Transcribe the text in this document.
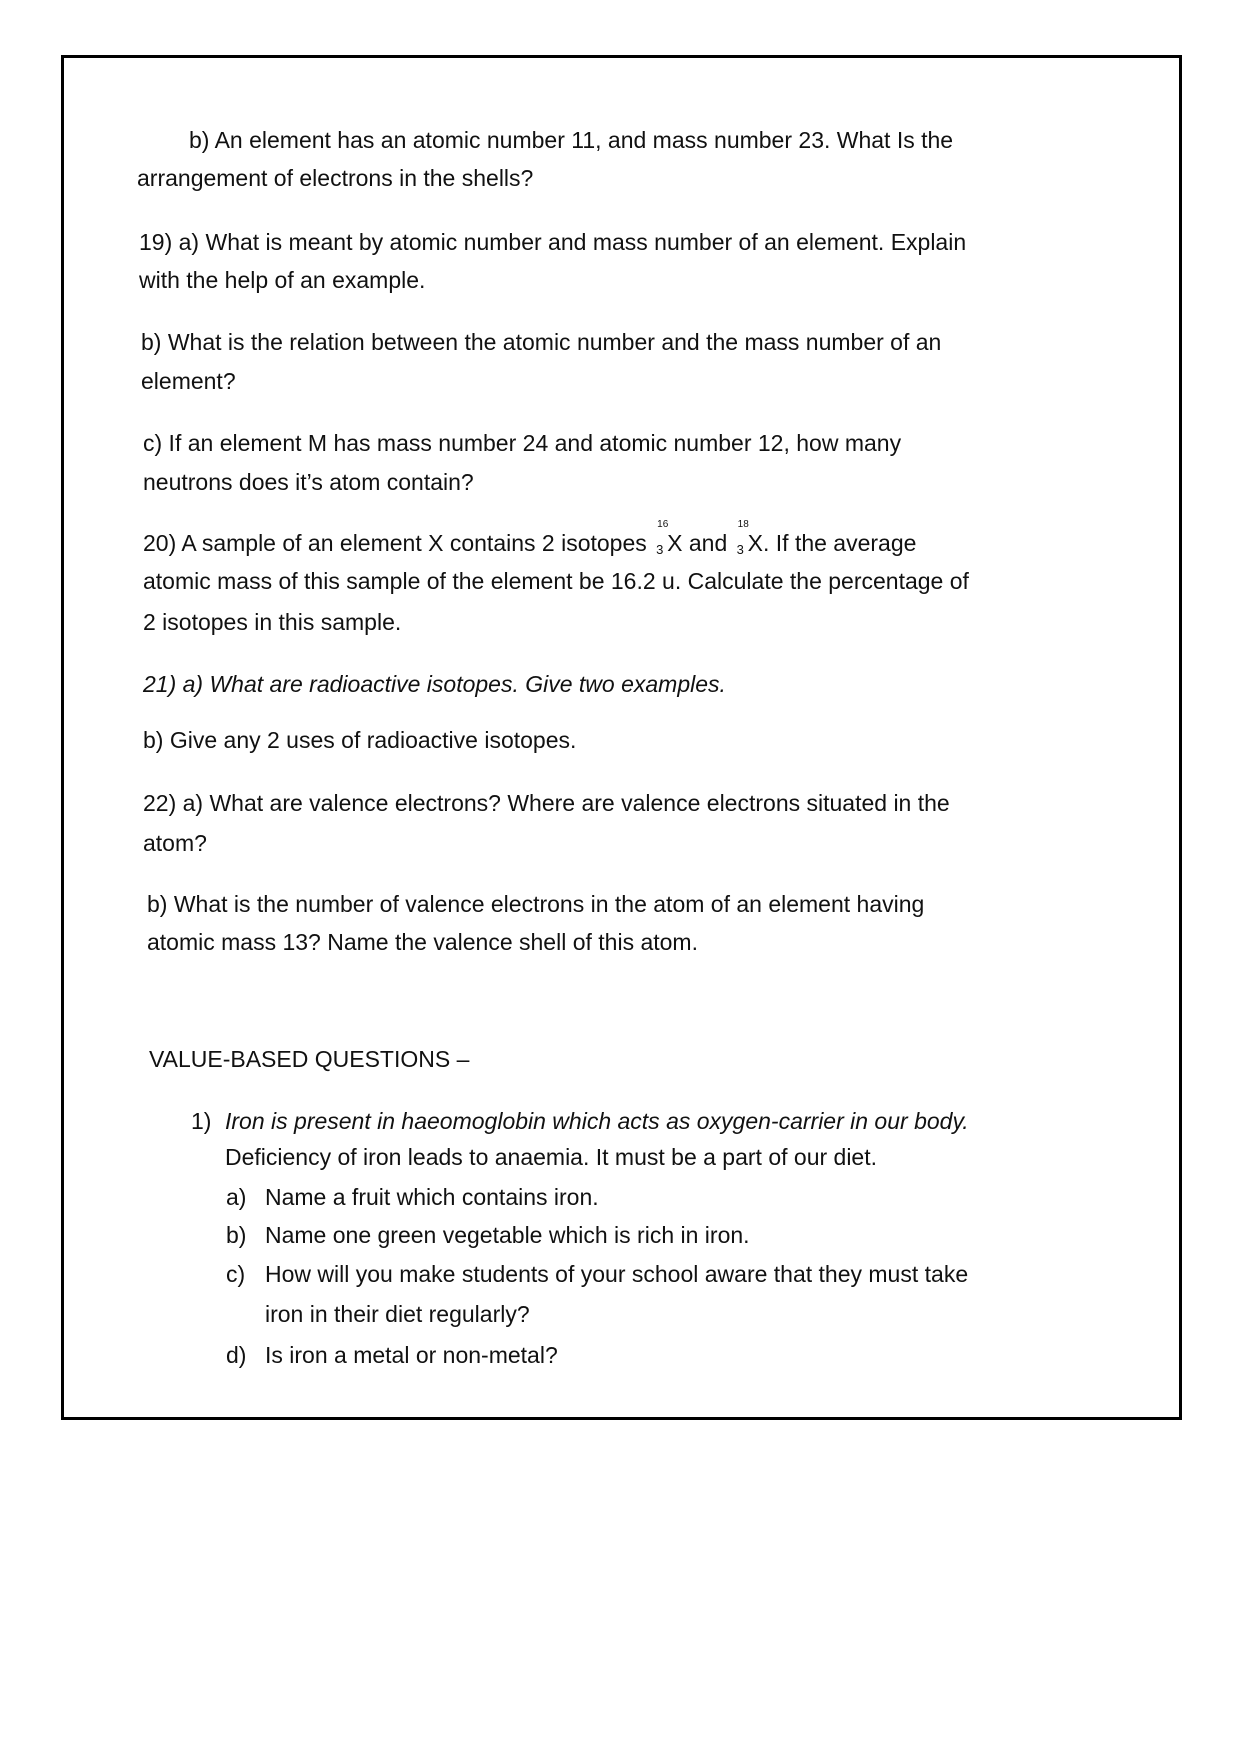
b) An element has an atomic number 11, and mass number 23. What Is the
arrangement of electrons in the shells?
19) a) What is meant by atomic number and mass number of an element. Explain
with the help of an example.
b) What is the relation between the atomic number and the mass number of an
element?
c) If an element M has mass number 24 and atomic number 12, how many
neutrons does it’s atom contain?
20) A sample of an element X contains 2 isotopes
16
3 X and
18
3 X. If the average
atomic mass of this sample of the element be 16.2 u. Calculate the percentage of
2 isotopes in this sample.
21) a) What are radioactive isotopes. Give two examples.
b) Give any 2 uses of radioactive isotopes.
22) a) What are valence electrons? Where are valence electrons situated in the
atom?
b) What is the number of valence electrons in the atom of an element having
atomic mass 13? Name the valence shell of this atom.
VALUE-BASED QUESTIONS –
1) Iron is present in haeomoglobin which acts as oxygen-carrier in our body.
Deficiency of iron leads to anaemia. It must be a part of our diet.
a) Name a fruit which contains iron.
b) Name one green vegetable which is rich in iron.
c) How will you make students of your school aware that they must take
iron in their diet regularly?
d) Is iron a metal or non-metal?
